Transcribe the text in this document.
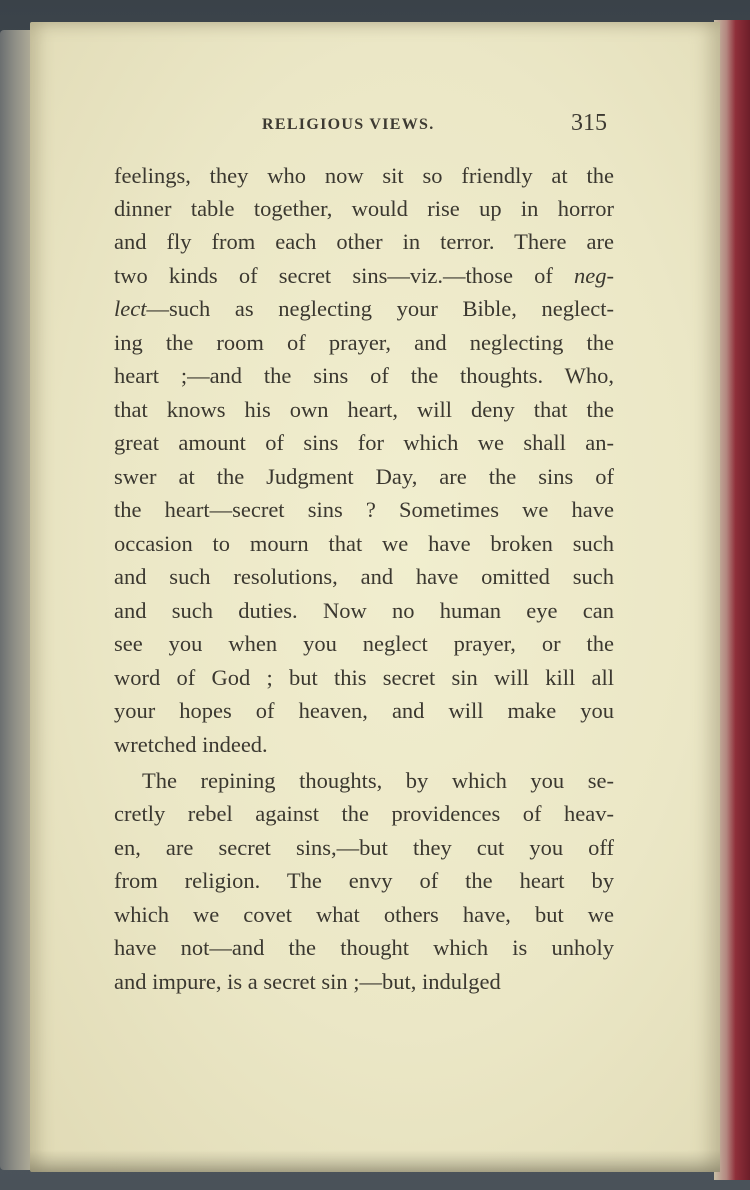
RELIGIOUS VIEWS.	315
feelings, they who now sit so friendly at the
dinner table together, would rise up in horror
and fly from each other in terror. There are
two kinds of secret sins—viz.—those of neg-
lect—such as neglecting your Bible, neglect-
ing the room of prayer, and neglecting the
heart ;—and the sins of the thoughts. Who,
that knows his own heart, will deny that the
great amount of sins for which we shall an-
swer at the Judgment Day, are the sins of
the heart—secret sins ? Sometimes we have
occasion to mourn that we have broken such
and such resolutions, and have omitted such
and such duties. Now no human eye can
see you when you neglect prayer, or the
word of God ; but this secret sin will kill all
your hopes of heaven, and will make you
wretched indeed.
The repining thoughts, by which you se-
cretly rebel against the providences of heav-
en, are secret sins,—but they cut you off
from religion. The envy of the heart by
which we covet what others have, but we
have not—and the thought which is unholy
and impure, is a secret sin ;—but, indulged
